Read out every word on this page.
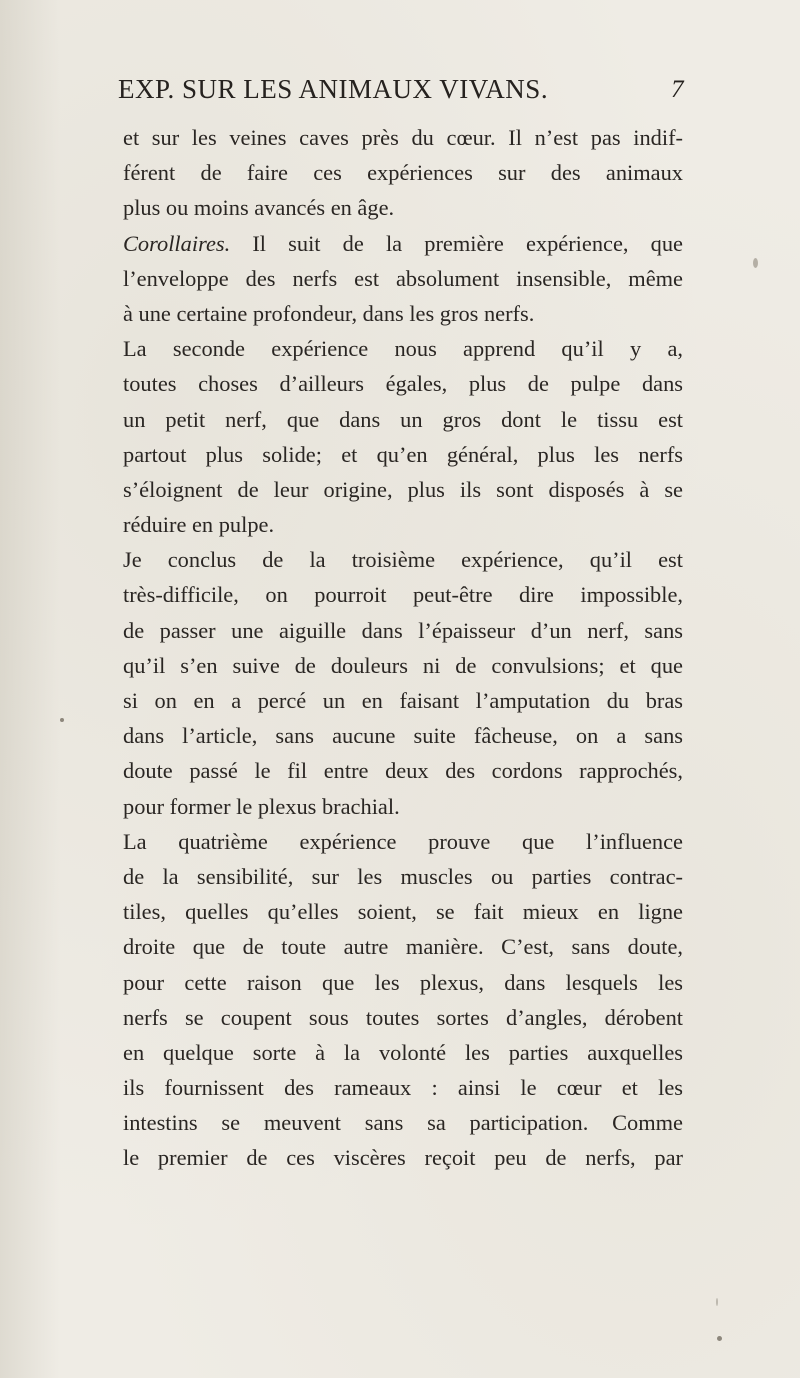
EXP. SUR LES ANIMAUX VIVANS.	7

et sur les veines caves près du cœur. Il n’est pas indif-
férent de faire ces expériences sur des animaux
plus ou moins avancés en âge.

Corollaires. Il suit de la première expérience, que
l’enveloppe des nerfs est absolument insensible, même
à une certaine profondeur, dans les gros nerfs.

La seconde expérience nous apprend qu’il y a,
toutes choses d’ailleurs égales, plus de pulpe dans
un petit nerf, que dans un gros dont le tissu est
partout plus solide; et qu’en général, plus les nerfs
s’éloignent de leur origine, plus ils sont disposés à se
réduire en pulpe.

Je conclus de la troisième expérience, qu’il est
très-difficile, on pourroit peut-être dire impossible,
de passer une aiguille dans l’épaisseur d’un nerf, sans
qu’il s’en suive de douleurs ni de convulsions; et que
si on en a percé un en faisant l’amputation du bras
dans l’article, sans aucune suite fâcheuse, on a sans
doute passé le fil entre deux des cordons rapprochés,
pour former le plexus brachial.

La quatrième expérience prouve que l’influence
de la sensibilité, sur les muscles ou parties contrac-
tiles, quelles qu’elles soient, se fait mieux en ligne
droite que de toute autre manière. C’est, sans doute,
pour cette raison que les plexus, dans lesquels les
nerfs se coupent sous toutes sortes d’angles, dérobent
en quelque sorte à la volonté les parties auxquelles
ils fournissent des rameaux : ainsi le cœur et les
intestins se meuvent sans sa participation. Comme
le premier de ces viscères reçoit peu de nerfs, par
